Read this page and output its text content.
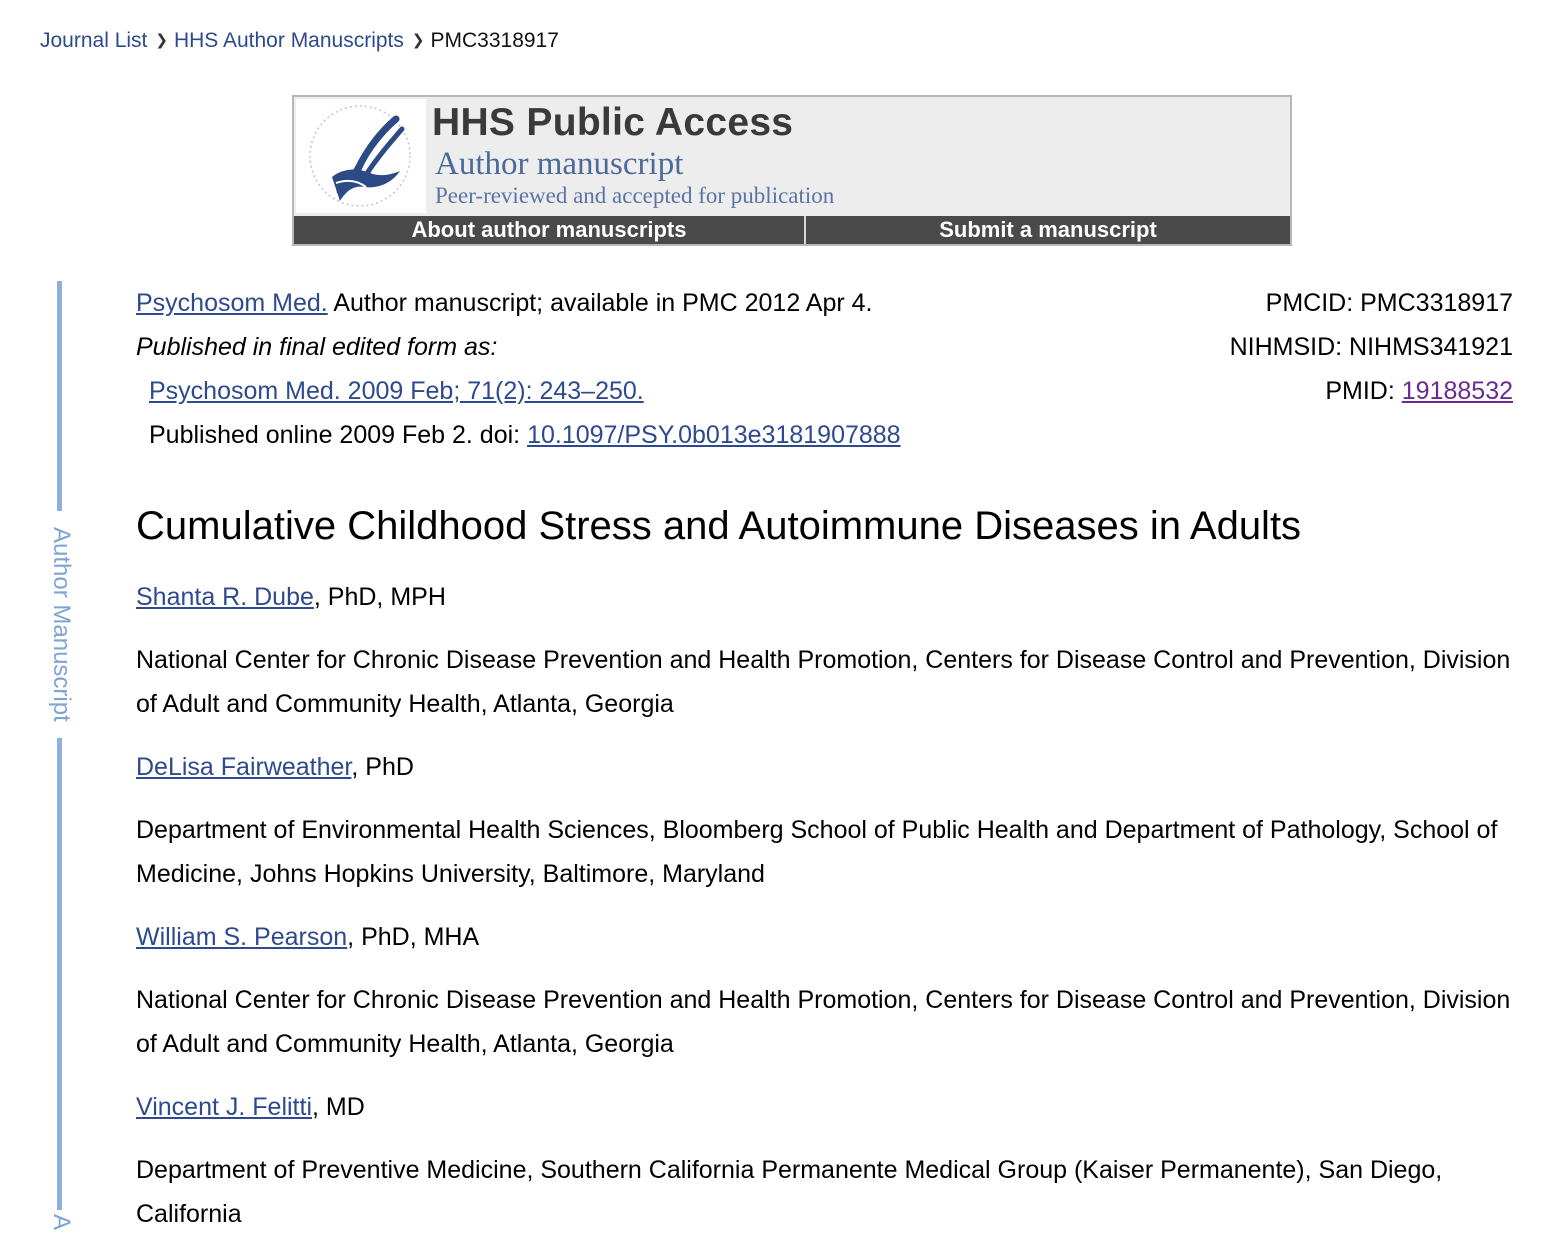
Journal List ❯ HHS Author Manuscripts ❯ PMC3318917
HHS Public Access
Author manuscript
Peer-reviewed and accepted for publication
About author manuscripts	Submit a manuscript
Author Manuscript
A
Psychosom Med. Author manuscript; available in PMC 2012 Apr 4.
Published in final edited form as:
Psychosom Med. 2009 Feb; 71(2): 243–250.
Published online 2009 Feb 2. doi: 10.1097/PSY.0b013e3181907888
PMCID: PMC3318917
NIHMSID: NIHMS341921
PMID: 19188532
Cumulative Childhood Stress and Autoimmune Diseases in Adults
Shanta R. Dube, PhD, MPH
National Center for Chronic Disease Prevention and Health Promotion, Centers for Disease Control and Prevention, Division of Adult and Community Health, Atlanta, Georgia
DeLisa Fairweather, PhD
Department of Environmental Health Sciences, Bloomberg School of Public Health and Department of Pathology, School of Medicine, Johns Hopkins University, Baltimore, Maryland
William S. Pearson, PhD, MHA
National Center for Chronic Disease Prevention and Health Promotion, Centers for Disease Control and Prevention, Division of Adult and Community Health, Atlanta, Georgia
Vincent J. Felitti, MD
Department of Preventive Medicine, Southern California Permanente Medical Group (Kaiser Permanente), San Diego, California
